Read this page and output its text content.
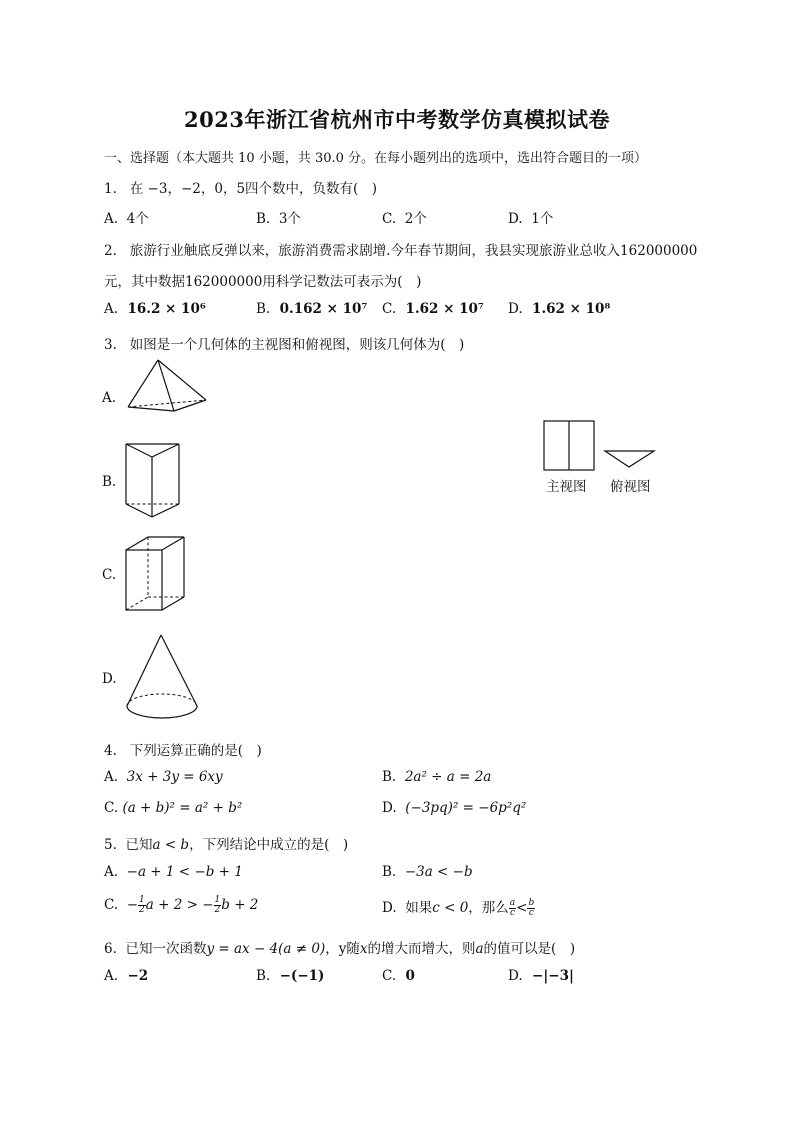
2023年浙江省杭州市中考数学仿真模拟试卷
一、选择题（本大题共 10 小题，共 30.0 分。在每小题列出的选项中，选出符合题目的一项）
1. 在 −3，−2，0，5四个数中，负数有(　)
A. 4个	B. 3个	C. 2个	D. 1个
2. 旅游行业触底反弹以来，旅游消费需求剧增.今年春节期间，我县实现旅游业总收入162000000
元，其中数据162000000用科学记数法可表示为(　)
A. 16.2 × 10⁶	B. 0.162 × 10⁷ C. 1.62 × 10⁷ D. 1.62 × 10⁸
3. 如图是一个几何体的主视图和俯视图，则该几何体为(　)
A.
B.
C.
D.
主视图 俯视图
4. 下列运算正确的是(　)
A. 3x + 3y = 6xy	B. 2a² ÷ a = 2a
C. (a + b)² = a² + b²	D. (−3pq)² = −6p²q²
5. 已知a < b，下列结论中成立的是(　)
A. −a + 1 < −b + 1	B. −3a < −b
C. − $\frac{1}{2}$ a + 2 > − $\frac{1}{2}$ b + 2	D. 如果c < 0，那么 $\frac{a}{c} < \frac{b}{c}$
6. 已知一次函数y = ax − 4(a ≠ 0)，y随x的增大而增大，则a的值可以是(　)
A. −2	B. −(−1)	C. 0	D. −|−3|
